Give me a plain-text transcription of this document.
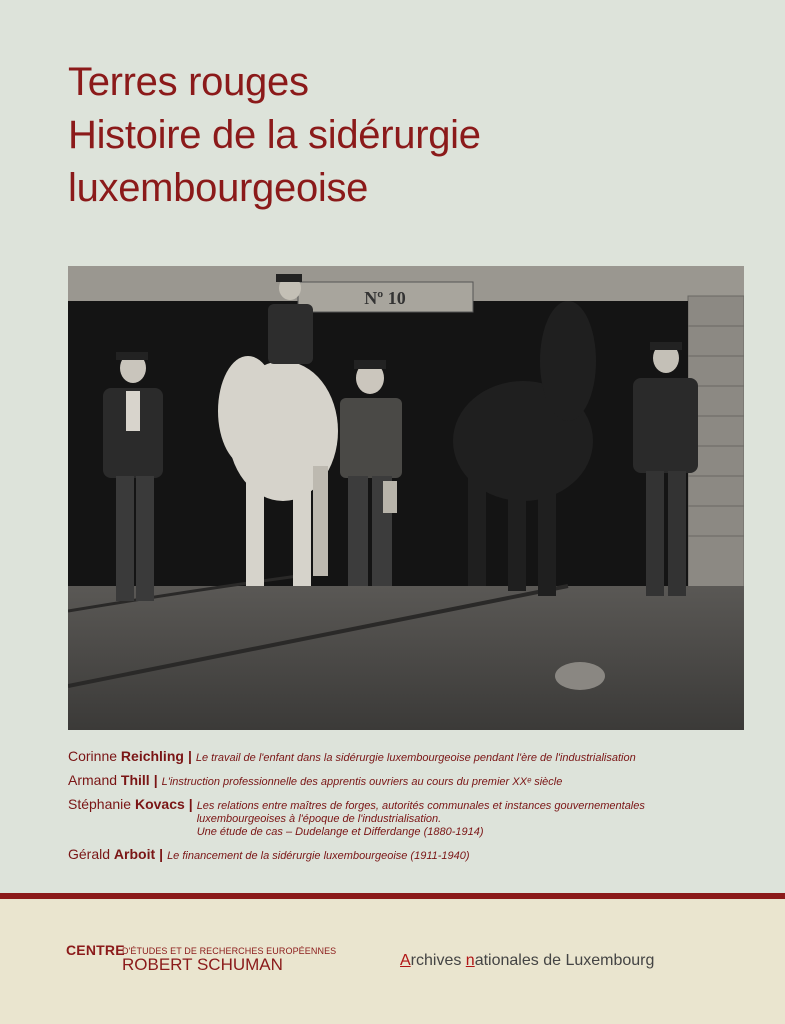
Terres rouges
Histoire de la sidérurgie
luxembourgeoise
Nº 10
Corinne Reichling | Le travail de l'enfant dans la sidérurgie luxembourgeoise pendant l'ère de l'industrialisation
Armand Thill | L'instruction professionnelle des apprentis ouvriers au cours du premier XXᵉ siècle
Stéphanie Kovacs | Les relations entre maîtres de forges, autorités communales et instances gouvernementales
luxembourgeoises à l'époque de l'industrialisation.
Une étude de cas – Dudelange et Differdange (1880-1914)
Gérald Arboit | Le financement de la sidérurgie luxembourgeoise (1911-1940)
CENTRE
D'ÉTUDES ET DE RECHERCHES EUROPÉENNES
ROBERT SCHUMAN	Archives nationales de Luxembourg
